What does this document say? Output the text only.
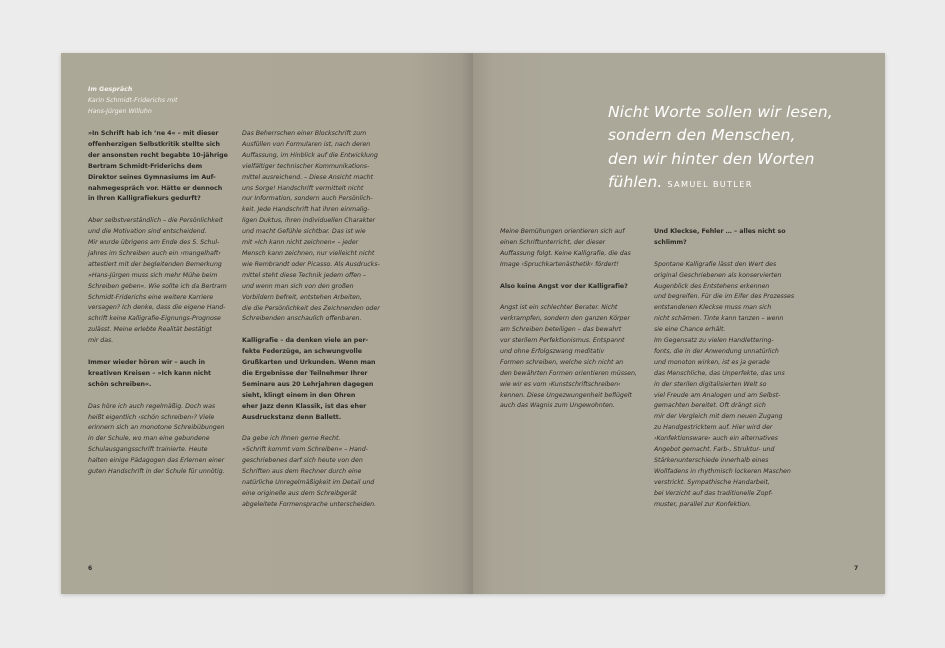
Im Gespräch
Karin Schmidt-Friderichs mit
Hans-Jürgen Willuhn

»In Schrift hab ich ’ne 4« – mit dieser
offenherzigen Selbstkritik stellte sich
der ansonsten recht begabte 10-jährige
Bertram Schmidt-Friderichs dem
Direktor seines Gymnasiums im Auf-
nahmegespräch vor. Hätte er dennoch
in Ihren Kalligrafiekurs gedurft?

Aber selbstverständlich – die Persönlichkeit
und die Motivation sind entscheidend.
Mir wurde übrigens am Ende des 5. Schul-
jahres im Schreiben auch ein ›mangelhaft‹
attestiert mit der begleitenden Bemerkung
»Hans-Jürgen muss sich mehr Mühe beim
Schreiben geben«. Wie sollte ich da Bertram
Schmidt-Friderichs eine weitere Karriere
versagen? Ich denke, dass die eigene Hand-
schrift keine Kalligrafie-Eignungs-Prognose
zulässt. Meine erlebte Realität bestätigt
mir das.

Immer wieder hören wir – auch in
kreativen Kreisen – »Ich kann nicht
schön schreiben«.

Das höre ich auch regelmäßig. Doch was
heißt eigentlich ›schön schreiben‹? Viele
erinnern sich an monotone Schreibübungen
in der Schule, wo man eine gebundene
Schulausgangsschrift trainierte. Heute
halten einige Pädagogen das Erlernen einer
guten Handschrift in der Schule für unnötig.

Das Beherrschen einer Blockschrift zum
Ausfüllen von Formularen ist, nach deren
Auffassung, im Hinblick auf die Entwicklung
vielfältiger technischer Kommunikations-
mittel ausreichend. – Diese Ansicht macht
uns Sorge! Handschrift vermittelt nicht
nur Information, sondern auch Persönlich-
keit. Jede Handschrift hat ihren einmalig-
ligen Duktus, ihren individuellen Charakter
und macht Gefühle sichtbar. Das ist wie
mit »Ich kann nicht zeichnen« – jeder
Mensch kann zeichnen, nur vielleicht nicht
wie Rembrandt oder Picasso. Als Ausdrucks-
mittel steht diese Technik jedem offen –
und wenn man sich von den großen
Vorbildern befreit, entstehen Arbeiten,
die die Persönlichkeit des Zeichnenden oder
Schreibenden anschaulich offenbaren.

Kalligrafie – da denken viele an per-
fekte Federzüge, an schwungvolle
Grußkarten und Urkunden. Wenn man
die Ergebnisse der Teilnehmer Ihrer
Seminare aus 20 Lehrjahren dagegen
sieht, klingt einem in den Ohren
eher Jazz denn Klassik, ist das eher
Ausdruckstanz denn Ballett.

Da gebe ich Ihnen gerne Recht.
»Schrift kommt vom Schreiben« – Hand-
geschriebenes darf sich heute von den
Schriften aus dem Rechner durch eine
natürliche Unregelmäßigkeit im Detail und
eine originelle aus dem Schreibgerät
abgeleitete Formensprache unterscheiden.

6
Nicht Worte sollen wir lesen,
sondern den Menschen,
den wir hinter den Worten
fühlen. SAMUEL BUTLER

Meine Bemühungen orientieren sich auf
einen Schriftunterricht, der dieser
Auffassung folgt. Keine Kalligrafie, die das
Image ›Spruchkartenästhetik‹ fördert!

Also keine Angst vor der Kalligrafie?

Angst ist ein schlechter Berater. Nicht
verkrampfen, sondern den ganzen Körper
am Schreiben beteiligen – das bewahrt
vor sterilem Perfektionismus. Entspannt
und ohne Erfolgszwang meditativ
Formen schreiben, welche sich nicht an
den bewährten Formen orientieren müssen,
wie wir es vom ›Kunstschriftschreiben‹
kennen. Diese Ungezwungenheit beflügelt
auch das Wagnis zum Ungewohnten.

Und Kleckse, Fehler … – alles nicht so
schlimm?

Spontane Kalligrafie lässt den Wert des
original Geschriebenen als konservierten
Augenblick des Entstehens erkennen
und begreifen. Für die im Eifer des Prozesses
entstandenen Kleckse muss man sich
nicht schämen. Tinte kann tanzen – wenn
sie eine Chance erhält.
Im Gegensatz zu vielen Handlettering-
fonts, die in der Anwendung unnatürlich
und monoton wirken, ist es ja gerade
das Menschliche, das Unperfekte, das uns
in der sterilen digitalisierten Welt so
viel Freude am Analogen und am Selbst-
gemachten bereitet. Oft drängt sich
mir der Vergleich mit dem neuen Zugang
zu Handgestricktem auf. Hier wird der
›Konfektionsware‹ auch ein alternatives
Angebot gemacht. Farb-, Struktur- und
Stärkenunterschiede innerhalb eines
Wollfadens in rhythmisch lockeren Maschen
verstrickt. Sympathische Handarbeit,
bei Verzicht auf das traditionelle Zopf-
muster, parallel zur Konfektion.

7
